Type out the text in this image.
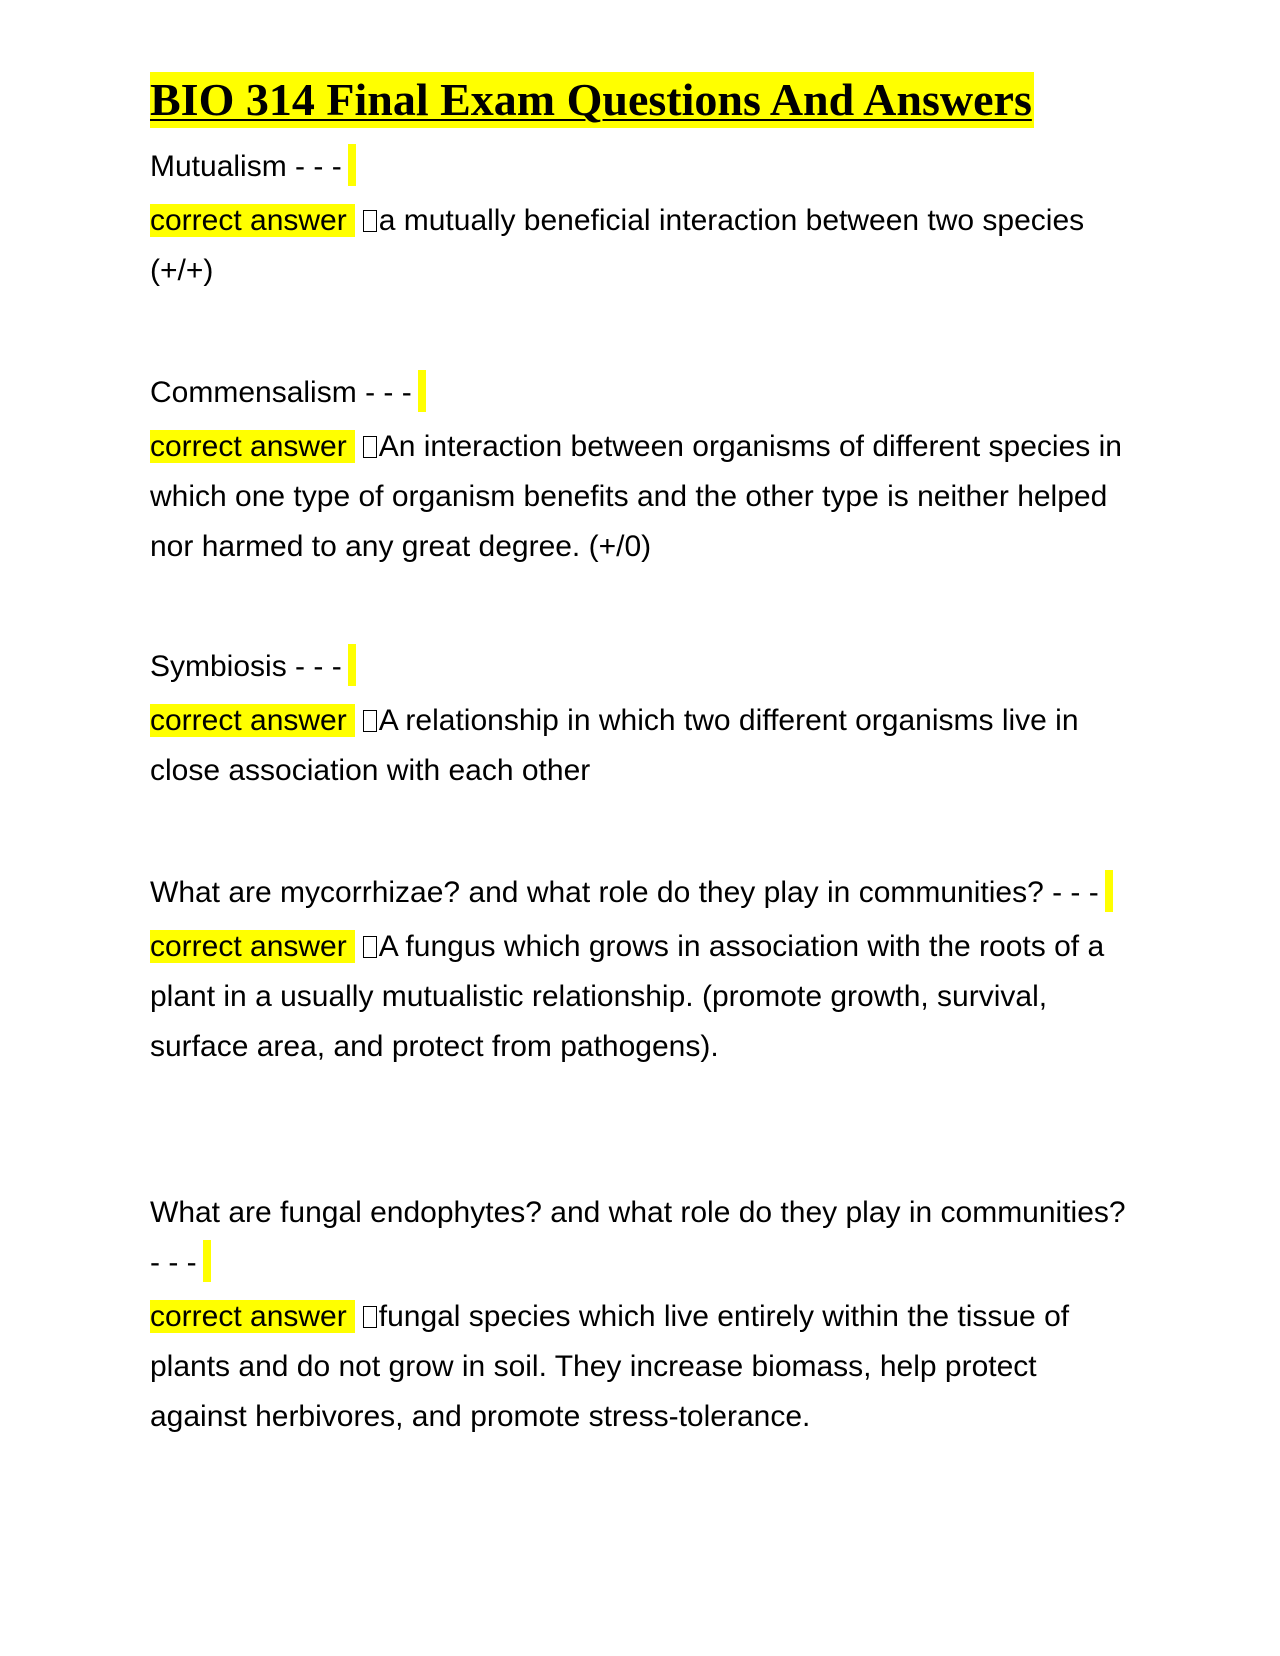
BIO 314 Final Exam Questions And Answers

Mutualism - - -

correct answer a mutually beneficial interaction between two species (+/+)

Commensalism - - -

correct answer An interaction between organisms of different species in which one type of organism benefits and the other type is neither helped nor harmed to any great degree. (+/0)

Symbiosis - - -

correct answer A relationship in which two different organisms live in close association with each other

What are mycorrhizae? and what role do they play in communities? - - -

correct answer A fungus which grows in association with the roots of a plant in a usually mutualistic relationship. (promote growth, survival, surface area, and protect from pathogens).

What are fungal endophytes? and what role do they play in communities? - - -

correct answer fungal species which live entirely within the tissue of plants and do not grow in soil. They increase biomass, help protect against herbivores, and promote stress-tolerance.
